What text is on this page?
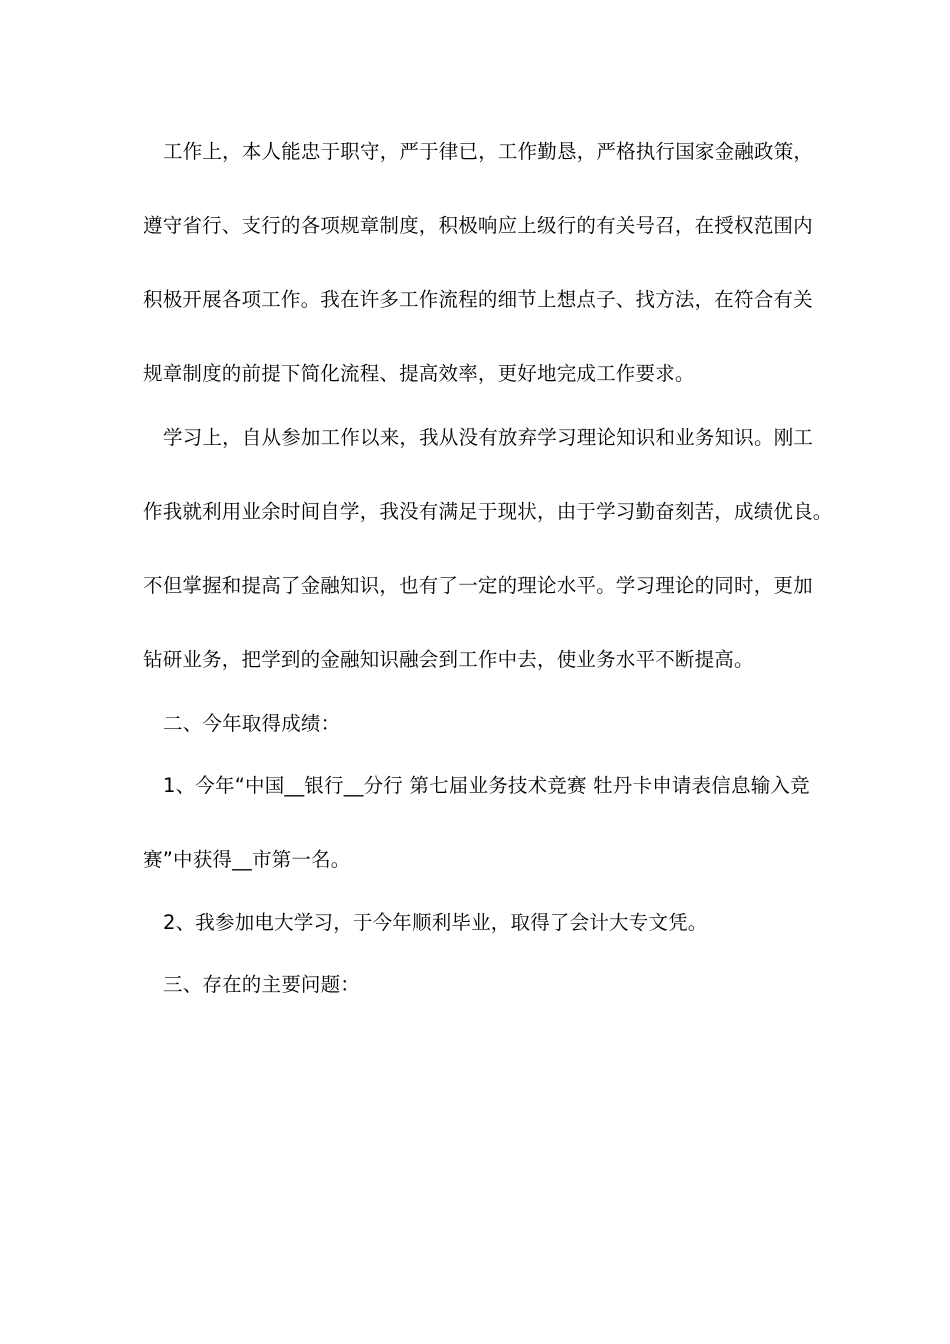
工作上，本人能忠于职守，严于律已，工作勤恳，严格执行国家金融政策，
遵守省行、支行的各项规章制度，积极响应上级行的有关号召，在授权范围内
积极开展各项工作。我在许多工作流程的细节上想点子、找方法，在符合有关
规章制度的前提下简化流程、提高效率，更好地完成工作要求。
学习上，自从参加工作以来，我从没有放弃学习理论知识和业务知识。刚工
作我就利用业余时间自学，我没有满足于现状，由于学习勤奋刻苦，成绩优良。
不但掌握和提高了金融知识，也有了一定的理论水平。学习理论的同时，更加
钻研业务，把学到的金融知识融会到工作中去，使业务水平不断提高。
二、今年取得成绩：
1、今年“中国__银行__分行 第七届业务技术竞赛 牡丹卡申请表信息输入竞
赛”中获得__市第一名。
2、我参加电大学习，于今年顺利毕业，取得了会计大专文凭。
三、存在的主要问题：
